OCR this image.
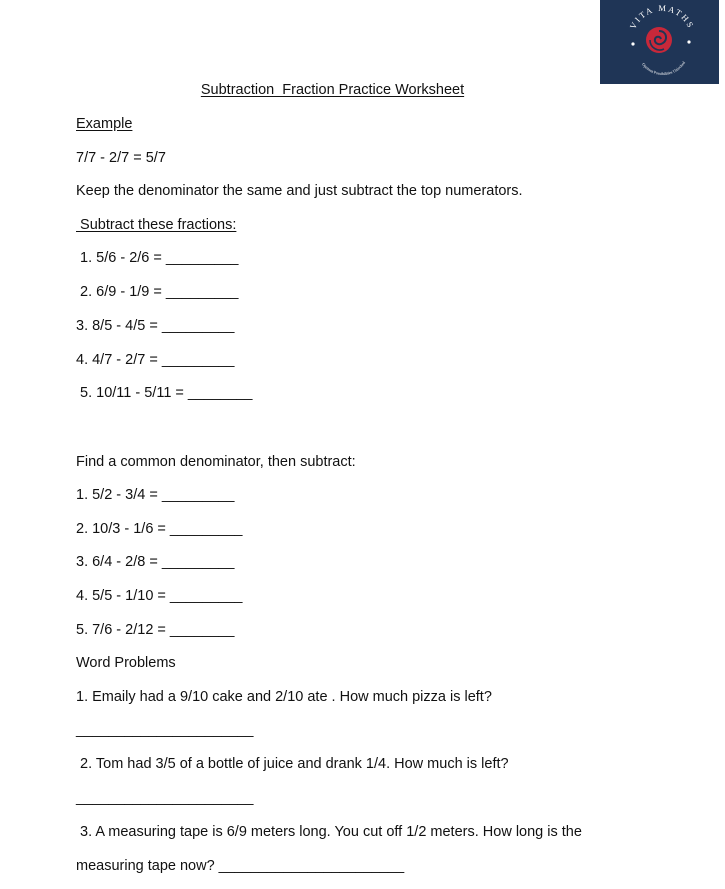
VITA MATHS
Optimus Possibilities Unlocked
Subtraction  Fraction Practice Worksheet
Example
7/7 - 2/7 = 5/7
Keep the denominator the same and just subtract the top numerators.
Subtract these fractions:
1. 5/6 - 2/6 = _________
2. 6/9 - 1/9 = _________
3. 8/5 - 4/5 = _________
4. 4/7 - 2/7 = _________
5. 10/11 - 5/11 = ________
Find a common denominator, then subtract:
1. 5/2 - 3/4 = _________
2. 10/3 - 1/6 = _________
3. 6/4 - 2/8 = _________
4. 5/5 - 1/10 = _________
5. 7/6 - 2/12 = ________
Word Problems
1. Emaily had a 9/10 cake and 2/10 ate . How much pizza is left?
______________________
2. Tom had 3/5 of a bottle of juice and drank 1/4. How much is left?
______________________
3. A measuring tape is 6/9 meters long. You cut off 1/2 meters. How long is the
measuring tape now? _______________________
